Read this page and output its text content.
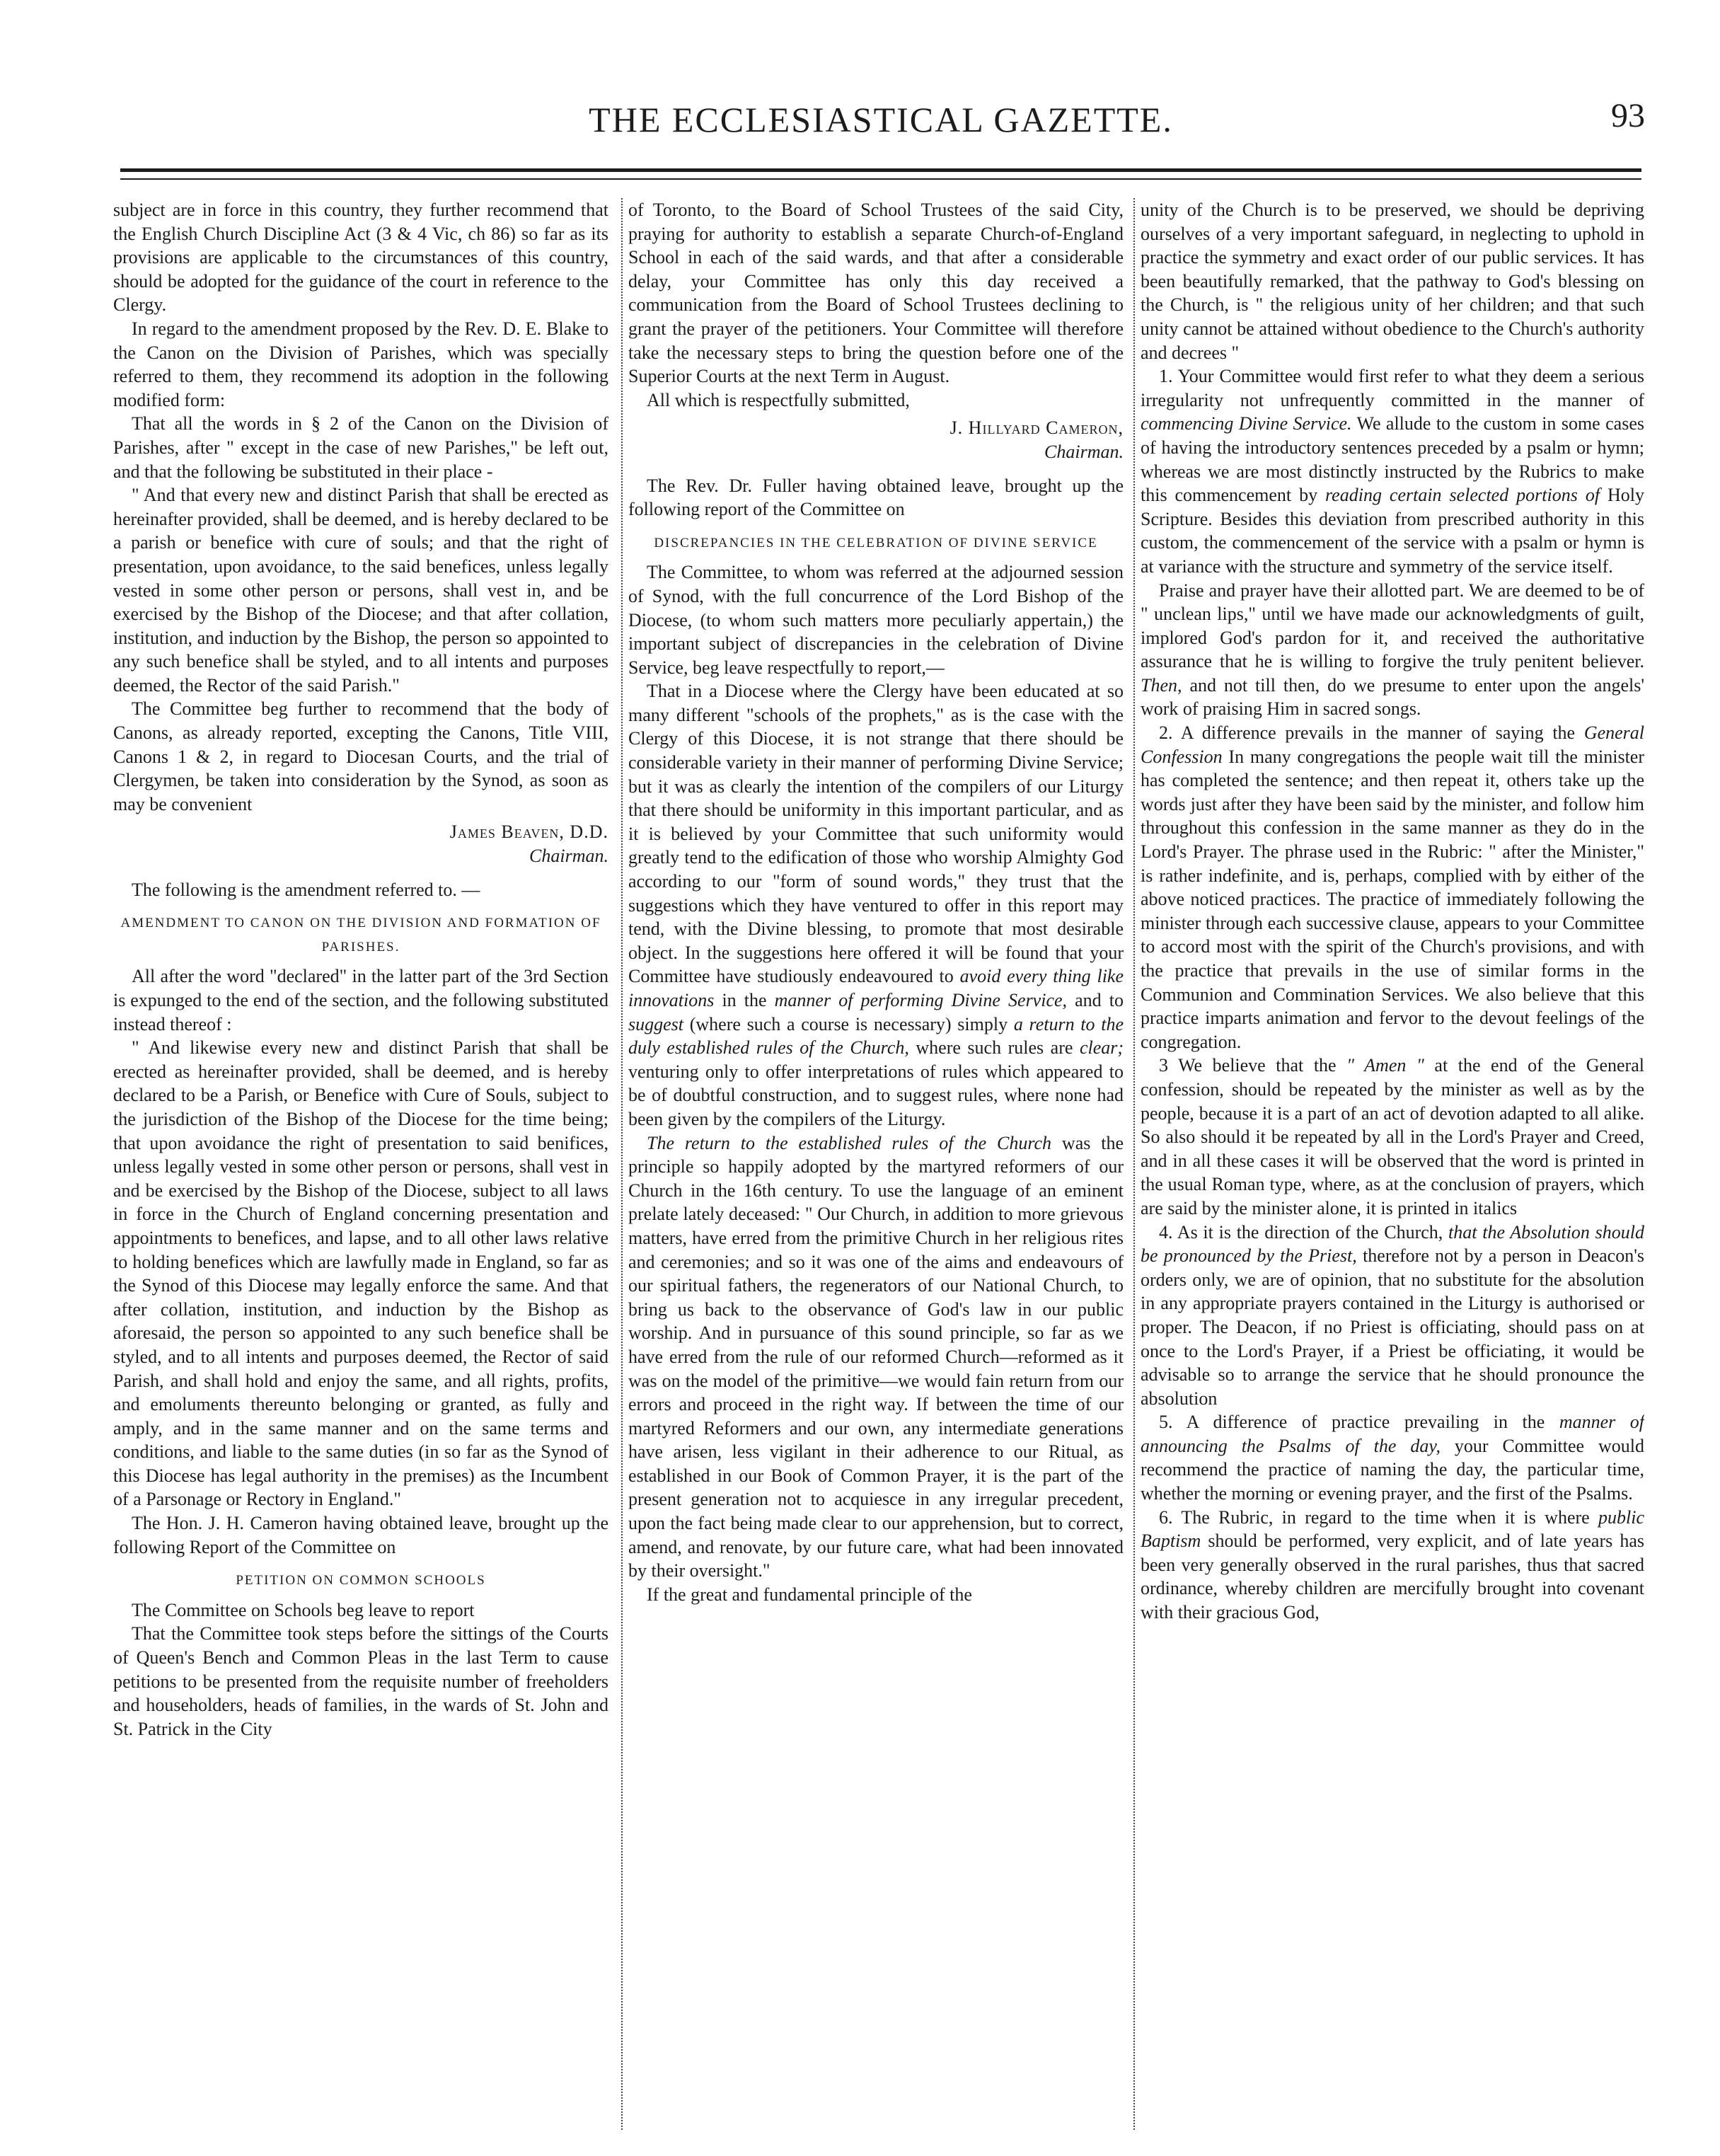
THE ECCLESIASTICAL GAZETTE.	93

subject are in force in this country, they further recommend that the English Church Discipline Act (3 & 4 Vic, ch 86) so far as its provisions are applicable to the circumstances of this country, should be adopted for the guidance of the court in reference to the Clergy.

In regard to the amendment proposed by the Rev. D. E. Blake to the Canon on the Division of Parishes, which was specially referred to them, they recommend its adoption in the following modified form:

That all the words in § 2 of the Canon on the Division of Parishes, after " except in the case of new Parishes," be left out, and that the following be substituted in their place -

" And that every new and distinct Parish that shall be erected as hereinafter provided, shall be deemed, and is hereby declared to be a parish or benefice with cure of souls; and that the right of presentation, upon avoidance, to the said benefices, unless legally vested in some other person or persons, shall vest in, and be exercised by the Bishop of the Diocese; and that after collation, institution, and induction by the Bishop, the person so appointed to any such benefice shall be styled, and to all intents and purposes deemed, the Rector of the said Parish."

The Committee beg further to recommend that the body of Canons, as already reported, excepting the Canons, Title VIII, Canons 1 & 2, in regard to Diocesan Courts, and the trial of Clergymen, be taken into consideration by the Synod, as soon as may be convenient

James Beaven, D.D.
Chairman.

The following is the amendment referred to. —

AMENDMENT TO CANON ON THE DIVISION AND FORMATION OF PARISHES.

All after the word "declared" in the latter part of the 3rd Section is expunged to the end of the section, and the following substituted instead thereof :

" And likewise every new and distinct Parish that shall be erected as hereinafter provided, shall be deemed, and is hereby declared to be a Parish, or Benefice with Cure of Souls, subject to the jurisdiction of the Bishop of the Diocese for the time being; that upon avoidance the right of presentation to said benifices, unless legally vested in some other person or persons, shall vest in and be exercised by the Bishop of the Diocese, subject to all laws in force in the Church of England concerning presentation and appointments to benefices, and lapse, and to all other laws relative to holding benefices which are lawfully made in England, so far as the Synod of this Diocese may legally enforce the same. And that after collation, institution, and induction by the Bishop as aforesaid, the person so appointed to any such benefice shall be styled, and to all intents and purposes deemed, the Rector of said Parish, and shall hold and enjoy the same, and all rights, profits, and emoluments thereunto belonging or granted, as fully and amply, and in the same manner and on the same terms and conditions, and liable to the same duties (in so far as the Synod of this Diocese has legal authority in the premises) as the Incumbent of a Parsonage or Rectory in England."

The Hon. J. H. Cameron having obtained leave, brought up the following Report of the Committee on

PETITION ON COMMON SCHOOLS

The Committee on Schools beg leave to report

That the Committee took steps before the sittings of the Courts of Queen's Bench and Common Pleas in the last Term to cause petitions to be presented from the requisite number of freeholders and householders, heads of families, in the wards of St. John and St. Patrick in the City

of Toronto, to the Board of School Trustees of the said City, praying for authority to establish a separate Church-of-England School in each of the said wards, and that after a considerable delay, your Committee has only this day received a communication from the Board of School Trustees declining to grant the prayer of the petitioners. Your Committee will therefore take the necessary steps to bring the question before one of the Superior Courts at the next Term in August.

All which is respectfully submitted,

J. Hillyard Cameron,
Chairman.

The Rev. Dr. Fuller having obtained leave, brought up the following report of the Committee on

DISCREPANCIES IN THE CELEBRATION OF DIVINE SERVICE

The Committee, to whom was referred at the adjourned session of Synod, with the full concurrence of the Lord Bishop of the Diocese, (to whom such matters more peculiarly appertain,) the important subject of discrepancies in the celebration of Divine Service, beg leave respectfully to report,—

That in a Diocese where the Clergy have been educated at so many different "schools of the prophets," as is the case with the Clergy of this Diocese, it is not strange that there should be considerable variety in their manner of performing Divine Service; but it was as clearly the intention of the compilers of our Liturgy that there should be uniformity in this important particular, and as it is believed by your Committee that such uniformity would greatly tend to the edification of those who worship Almighty God according to our "form of sound words," they trust that the suggestions which they have ventured to offer in this report may tend, with the Divine blessing, to promote that most desirable object. In the suggestions here offered it will be found that your Committee have studiously endeavoured to avoid every thing like innovations in the manner of performing Divine Service, and to suggest (where such a course is necessary) simply a return to the duly established rules of the Church, where such rules are clear; venturing only to offer interpretations of rules which appeared to be of doubtful construction, and to suggest rules, where none had been given by the compilers of the Liturgy.

The return to the established rules of the Church was the principle so happily adopted by the martyred reformers of our Church in the 16th century. To use the language of an eminent prelate lately deceased: " Our Church, in addition to more grievous matters, have erred from the primitive Church in her religious rites and ceremonies; and so it was one of the aims and endeavours of our spiritual fathers, the regenerators of our National Church, to bring us back to the observance of God's law in our public worship. And in pursuance of this sound principle, so far as we have erred from the rule of our reformed Church—reformed as it was on the model of the primitive—we would fain return from our errors and proceed in the right way. If between the time of our martyred Reformers and our own, any intermediate generations have arisen, less vigilant in their adherence to our Ritual, as established in our Book of Common Prayer, it is the part of the present generation not to acquiesce in any irregular precedent, upon the fact being made clear to our apprehension, but to correct, amend, and renovate, by our future care, what had been innovated by their oversight."

If the great and fundamental principle of the

unity of the Church is to be preserved, we should be depriving ourselves of a very important safeguard, in neglecting to uphold in practice the symmetry and exact order of our public services. It has been beautifully remarked, that the pathway to God's blessing on the Church, is " the religious unity of her children; and that such unity cannot be attained without obedience to the Church's authority and decrees "

1. Your Committee would first refer to what they deem a serious irregularity not unfrequently committed in the manner of commencing Divine Service. We allude to the custom in some cases of having the introductory sentences preceded by a psalm or hymn; whereas we are most distinctly instructed by the Rubrics to make this commencement by reading certain selected portions of Holy Scripture. Besides this deviation from prescribed authority in this custom, the commencement of the service with a psalm or hymn is at variance with the structure and symmetry of the service itself.

Praise and prayer have their allotted part. We are deemed to be of " unclean lips," until we have made our acknowledgments of guilt, implored God's pardon for it, and received the authoritative assurance that he is willing to forgive the truly penitent believer. Then, and not till then, do we presume to enter upon the angels' work of praising Him in sacred songs.

2. A difference prevails in the manner of saying the General Confession In many congregations the people wait till the minister has completed the sentence; and then repeat it, others take up the words just after they have been said by the minister, and follow him throughout this confession in the same manner as they do in the Lord's Prayer. The phrase used in the Rubric: " after the Minister," is rather indefinite, and is, perhaps, complied with by either of the above noticed practices. The practice of immediately following the minister through each successive clause, appears to your Committee to accord most with the spirit of the Church's provisions, and with the practice that prevails in the use of similar forms in the Communion and Commination Services. We also believe that this practice imparts animation and fervor to the devout feelings of the congregation.

3 We believe that the " Amen " at the end of the General confession, should be repeated by the minister as well as by the people, because it is a part of an act of devotion adapted to all alike. So also should it be repeated by all in the Lord's Prayer and Creed, and in all these cases it will be observed that the word is printed in the usual Roman type, where, as at the conclusion of prayers, which are said by the minister alone, it is printed in italics

4. As it is the direction of the Church, that the Absolution should be pronounced by the Priest, therefore not by a person in Deacon's orders only, we are of opinion, that no substitute for the absolution in any appropriate prayers contained in the Liturgy is authorised or proper. The Deacon, if no Priest is officiating, should pass on at once to the Lord's Prayer, if a Priest be officiating, it would be advisable so to arrange the service that he should pronounce the absolution

5. A difference of practice prevailing in the manner of announcing the Psalms of the day, your Committee would recommend the practice of naming the day, the particular time, whether the morning or evening prayer, and the first of the Psalms.

6. The Rubric, in regard to the time when it is where public Baptism should be performed, very explicit, and of late years has been very generally observed in the rural parishes, thus that sacred ordinance, whereby children are mercifully brought into covenant with their gracious God,
